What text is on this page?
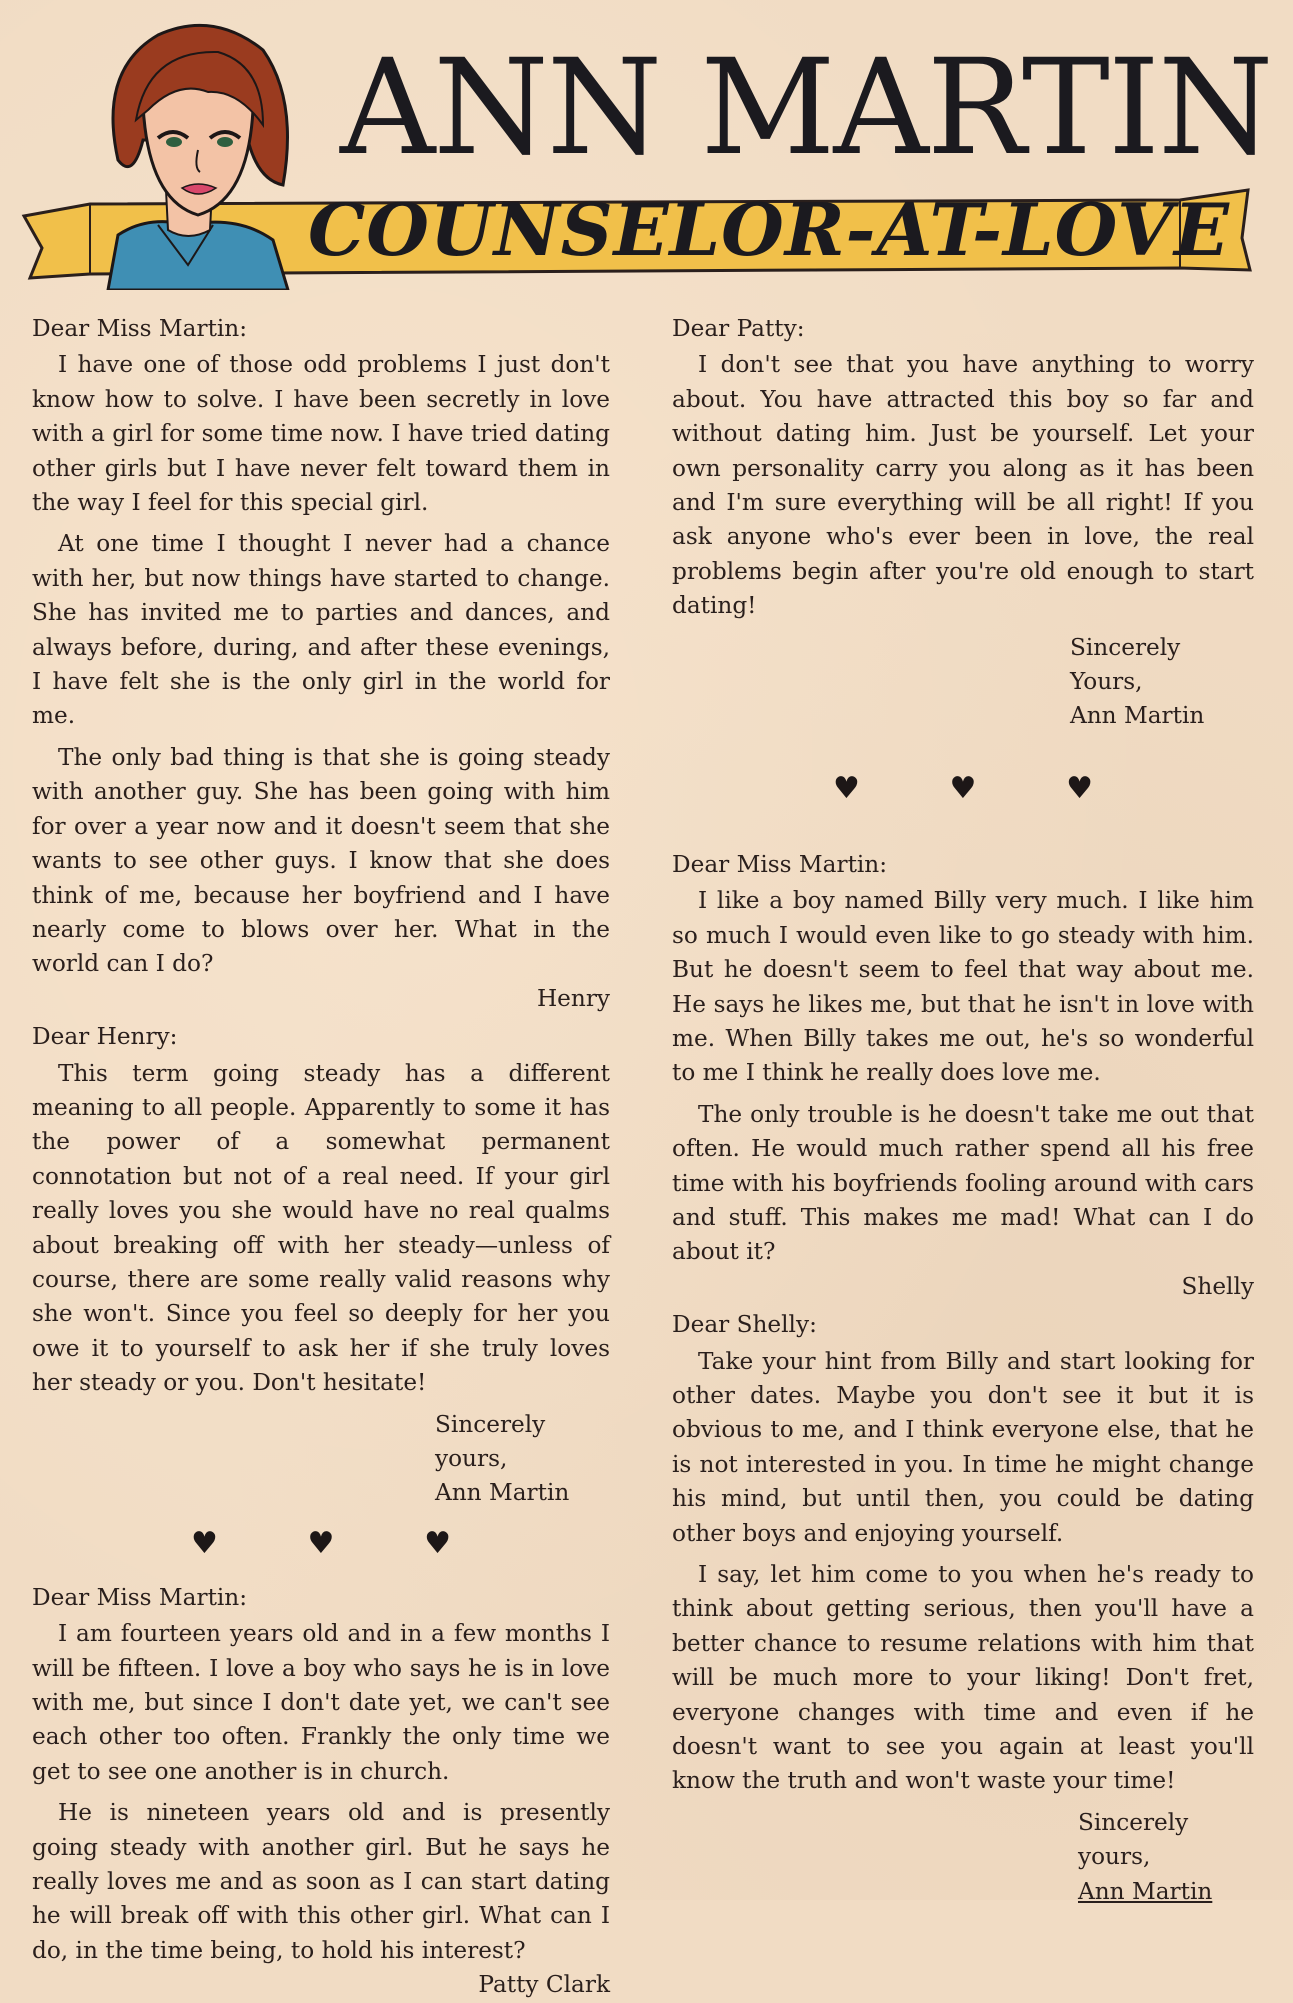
ANN MARTIN
COUNSELOR-AT-LOVE

Dear Miss Martin:

I have one of those odd problems I just don't know how to solve. I have been secretly in love with a girl for some time now. I have tried dating other girls but I have never felt toward them in the way I feel for this special girl.

At one time I thought I never had a chance with her, but now things have started to change. She has invited me to parties and dances, and always before, during, and after these evenings, I have felt she is the only girl in the world for me.

The only bad thing is that she is going steady with another guy. She has been going with him for over a year now and it doesn't seem that she wants to see other guys. I know that she does think of me, because her boyfriend and I have nearly come to blows over her. What in the world can I do?

Henry

Dear Henry:

This term going steady has a different meaning to all people. Apparently to some it has the power of a somewhat permanent connotation but not of a real need. If your girl really loves you she would have no real qualms about breaking off with her steady—unless of course, there are some really valid reasons why she won't. Since you feel so deeply for her you owe it to yourself to ask her if she truly loves her steady or you. Don't hesitate!

Sincerely yours,
Ann Martin
♥	♥	♥

Dear Miss Martin:

I am fourteen years old and in a few months I will be fifteen. I love a boy who says he is in love with me, but since I don't date yet, we can't see each other too often. Frankly the only time we get to see one another is in church.

He is nineteen years old and is presently going steady with another girl. But he says he really loves me and as soon as I can start dating he will break off with this other girl. What can I do, in the time being, to hold his interest?

Patty Clark

Dear Patty:

I don't see that you have anything to worry about. You have attracted this boy so far and without dating him. Just be yourself. Let your own personality carry you along as it has been and I'm sure everything will be all right! If you ask anyone who's ever been in love, the real problems begin after you're old enough to start dating!

Sincerely Yours,
Ann Martin
♥	♥	♥

Dear Miss Martin:

I like a boy named Billy very much. I like him so much I would even like to go steady with him. But he doesn't seem to feel that way about me. He says he likes me, but that he isn't in love with me. When Billy takes me out, he's so wonderful to me I think he really does love me.

The only trouble is he doesn't take me out that often. He would much rather spend all his free time with his boyfriends fooling around with cars and stuff. This makes me mad! What can I do about it?

Shelly

Dear Shelly:

Take your hint from Billy and start looking for other dates. Maybe you don't see it but it is obvious to me, and I think everyone else, that he is not interested in you. In time he might change his mind, but until then, you could be dating other boys and enjoying yourself.

I say, let him come to you when he's ready to think about getting serious, then you'll have a better chance to resume relations with him that will be much more to your liking! Don't fret, everyone changes with time and even if he doesn't want to see you again at least you'll know the truth and won't waste your time!

Sincerely yours,
Ann Martin
